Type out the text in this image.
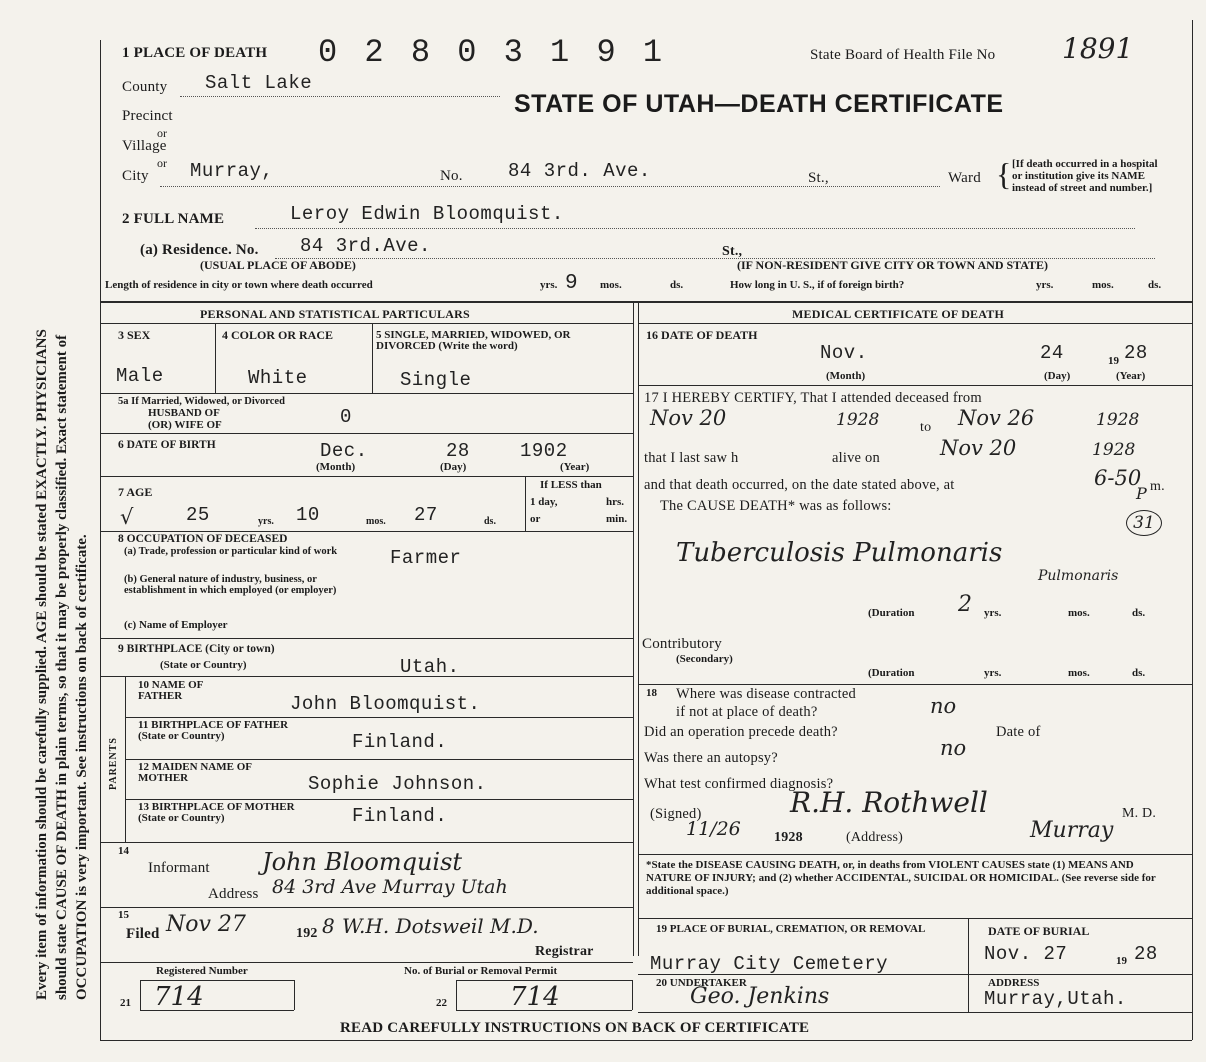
Every item of information should be carefully supplied. AGE should be stated EXACTLY. PHYSICIANS should state CAUSE OF DEATH in plain terms, so that it may be properly classified. Exact statement of OCCUPATION is very important. See instructions on back of certificate.
1 PLACE OF DEATH 0 2 8 0 3 1 9 1	State Board of Health File No 1891
STATE OF UTAH—DEATH CERTIFICATE
County Salt Lake
Precinct
or
Village
or
City Murray,	No. 84 3rd. Ave.	St.,	Ward { [If death occurred in a hospital or institution give its NAME instead of street and number.]
2 FULL NAME	Leroy Edwin Bloomquist.
(a) Residence. No. 84 3rd.Ave.	St.,
(USUAL PLACE OF ABODE)	(IF NON-RESIDENT GIVE CITY OR TOWN AND STATE)
Length of residence in city or town where death occurred	yrs. 9 mos.	ds.	How long in U. S., if of foreign birth?	yrs.	mos.	ds.
PERSONAL AND STATISTICAL PARTICULARS
3 SEX
Male
4 COLOR OR RACE
White
5 SINGLE, MARRIED, WIDOWED, OR DIVORCED (Write the word)
Single
5a If Married, Widowed, or Divorced
HUSBAND OF
(OR) WIFE OF	0
6 DATE OF BIRTH	Dec.	28	1902
(Month)	(Day)	(Year)
7 AGE
√	25	yrs. 10	mos. 27	ds.
If LESS than
1 day,	hrs.
or	min.
8 OCCUPATION OF DECEASED
(a) Trade, profession or particular kind of work	Farmer
(b) General nature of industry, business, or establishment in which employed (or employer)
(c) Name of Employer
9 BIRTHPLACE (City or town)
(State or Country)	Utah.
PARENTS
10 NAME OF FATHER	John Bloomquist.
11 BIRTHPLACE OF FATHER (State or Country)	Finland.
12 MAIDEN NAME OF MOTHER	Sophie Johnson.
13 BIRTHPLACE OF MOTHER (State or Country)	Finland.
14
Informant John Bloomquist
Address 84 3rd Ave Murray Utah
15
Filed Nov 27	192 8 W.H. Dotsweil M.D.
Registrar
Registered Number	No. of Burial or Removal Permit
21 714	22 714
MEDICAL CERTIFICATE OF DEATH
16 DATE OF DEATH
Nov.	24	19 28
(Month)	(Day)	(Year)
17 I HEREBY CERTIFY, That I attended deceased from
Nov 20	1928	to Nov 26	1928
that I last saw h	alive on	Nov 20	1928
and that death occurred, on the date stated above, at	6-50
P m.
The CAUSE DEATH* was as follows:
31
Tuberculosis Pulmonaris
Pulmonaris
(Duration 2 yrs.	mos.	ds.
Contributory
(Secondary)
(Duration	yrs.	mos.	ds.
18 Where was disease contracted
if not at place of death?	no
Did an operation precede death?	Date of
Was there an autopsy?	no
What test confirmed diagnosis?
(Signed)	R.H. Rothwell	M. D.
11/26 1928	(Address)	Murray
*State the DISEASE CAUSING DEATH, or, in deaths from VIOLENT CAUSES state (1) MEANS AND NATURE OF INJURY; and (2) whether ACCIDENTAL, SUICIDAL OR HOMICIDAL. (See reverse side for additional space.)
19 PLACE OF BURIAL, CREMATION, OR REMOVAL
Murray City Cemetery
DATE OF BURIAL
Nov. 27	19 28
20 UNDERTAKER
Geo. Jenkins
ADDRESS
Murray,Utah.
READ CAREFULLY INSTRUCTIONS ON BACK OF CERTIFICATE
